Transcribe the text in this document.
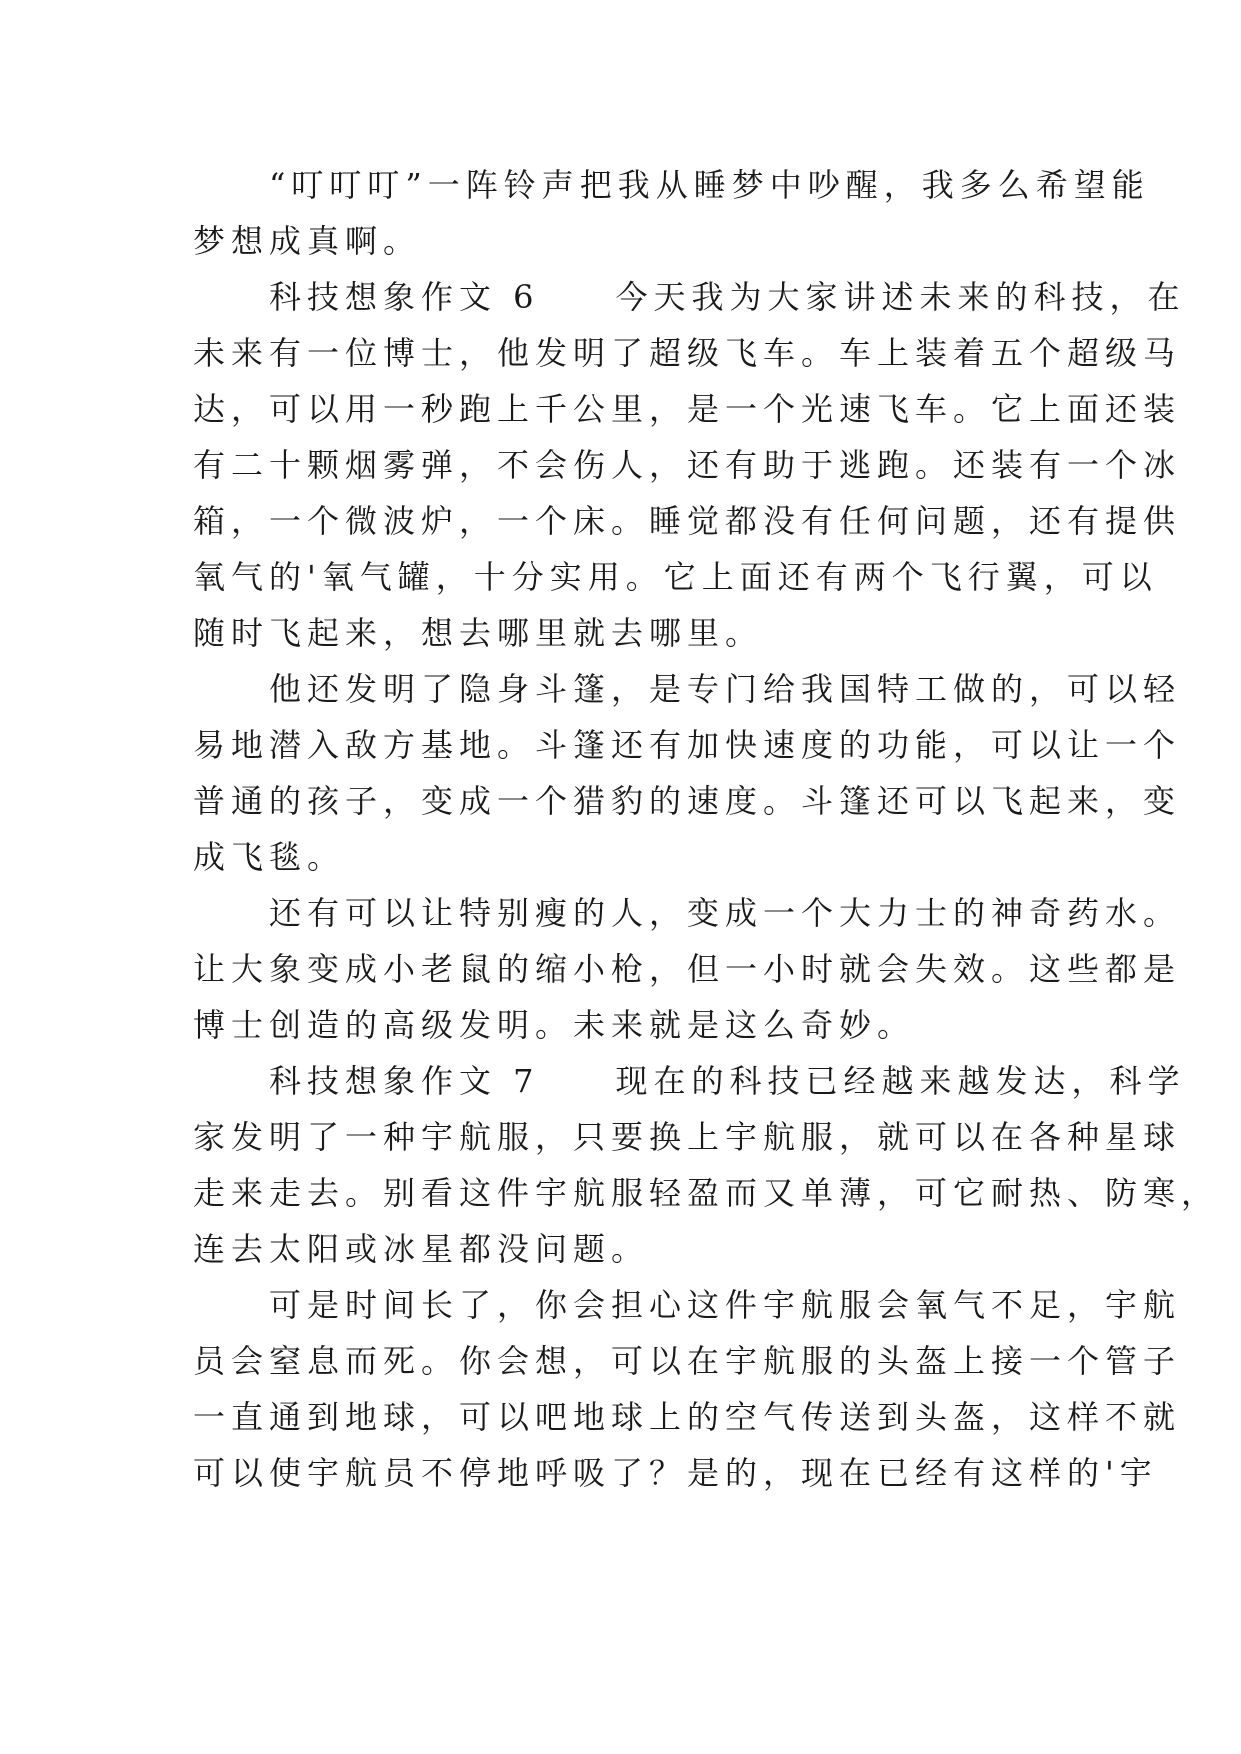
　　“叮叮叮”一阵铃声把我从睡梦中吵醒，我多么希望能
梦想成真啊。
　　科技想象作文 6　　今天我为大家讲述未来的科技，在
未来有一位博士，他发明了超级飞车。车上装着五个超级马
达，可以用一秒跑上千公里，是一个光速飞车。它上面还装
有二十颗烟雾弹，不会伤人，还有助于逃跑。还装有一个冰
箱，一个微波炉，一个床。睡觉都没有任何问题，还有提供
氧气的'氧气罐，十分实用。它上面还有两个飞行翼，可以
随时飞起来，想去哪里就去哪里。
　　他还发明了隐身斗篷，是专门给我国特工做的，可以轻
易地潜入敌方基地。斗篷还有加快速度的功能，可以让一个
普通的孩子，变成一个猎豹的速度。斗篷还可以飞起来，变
成飞毯。
　　还有可以让特别瘦的人，变成一个大力士的神奇药水。
让大象变成小老鼠的缩小枪，但一小时就会失效。这些都是
博士创造的高级发明。未来就是这么奇妙。
　　科技想象作文 7　　现在的科技已经越来越发达，科学
家发明了一种宇航服，只要换上宇航服，就可以在各种星球
走来走去。别看这件宇航服轻盈而又单薄，可它耐热、防寒，
连去太阳或冰星都没问题。
　　可是时间长了，你会担心这件宇航服会氧气不足，宇航
员会窒息而死。你会想，可以在宇航服的头盔上接一个管子
一直通到地球，可以吧地球上的空气传送到头盔，这样不就
可以使宇航员不停地呼吸了？是的，现在已经有这样的'宇
